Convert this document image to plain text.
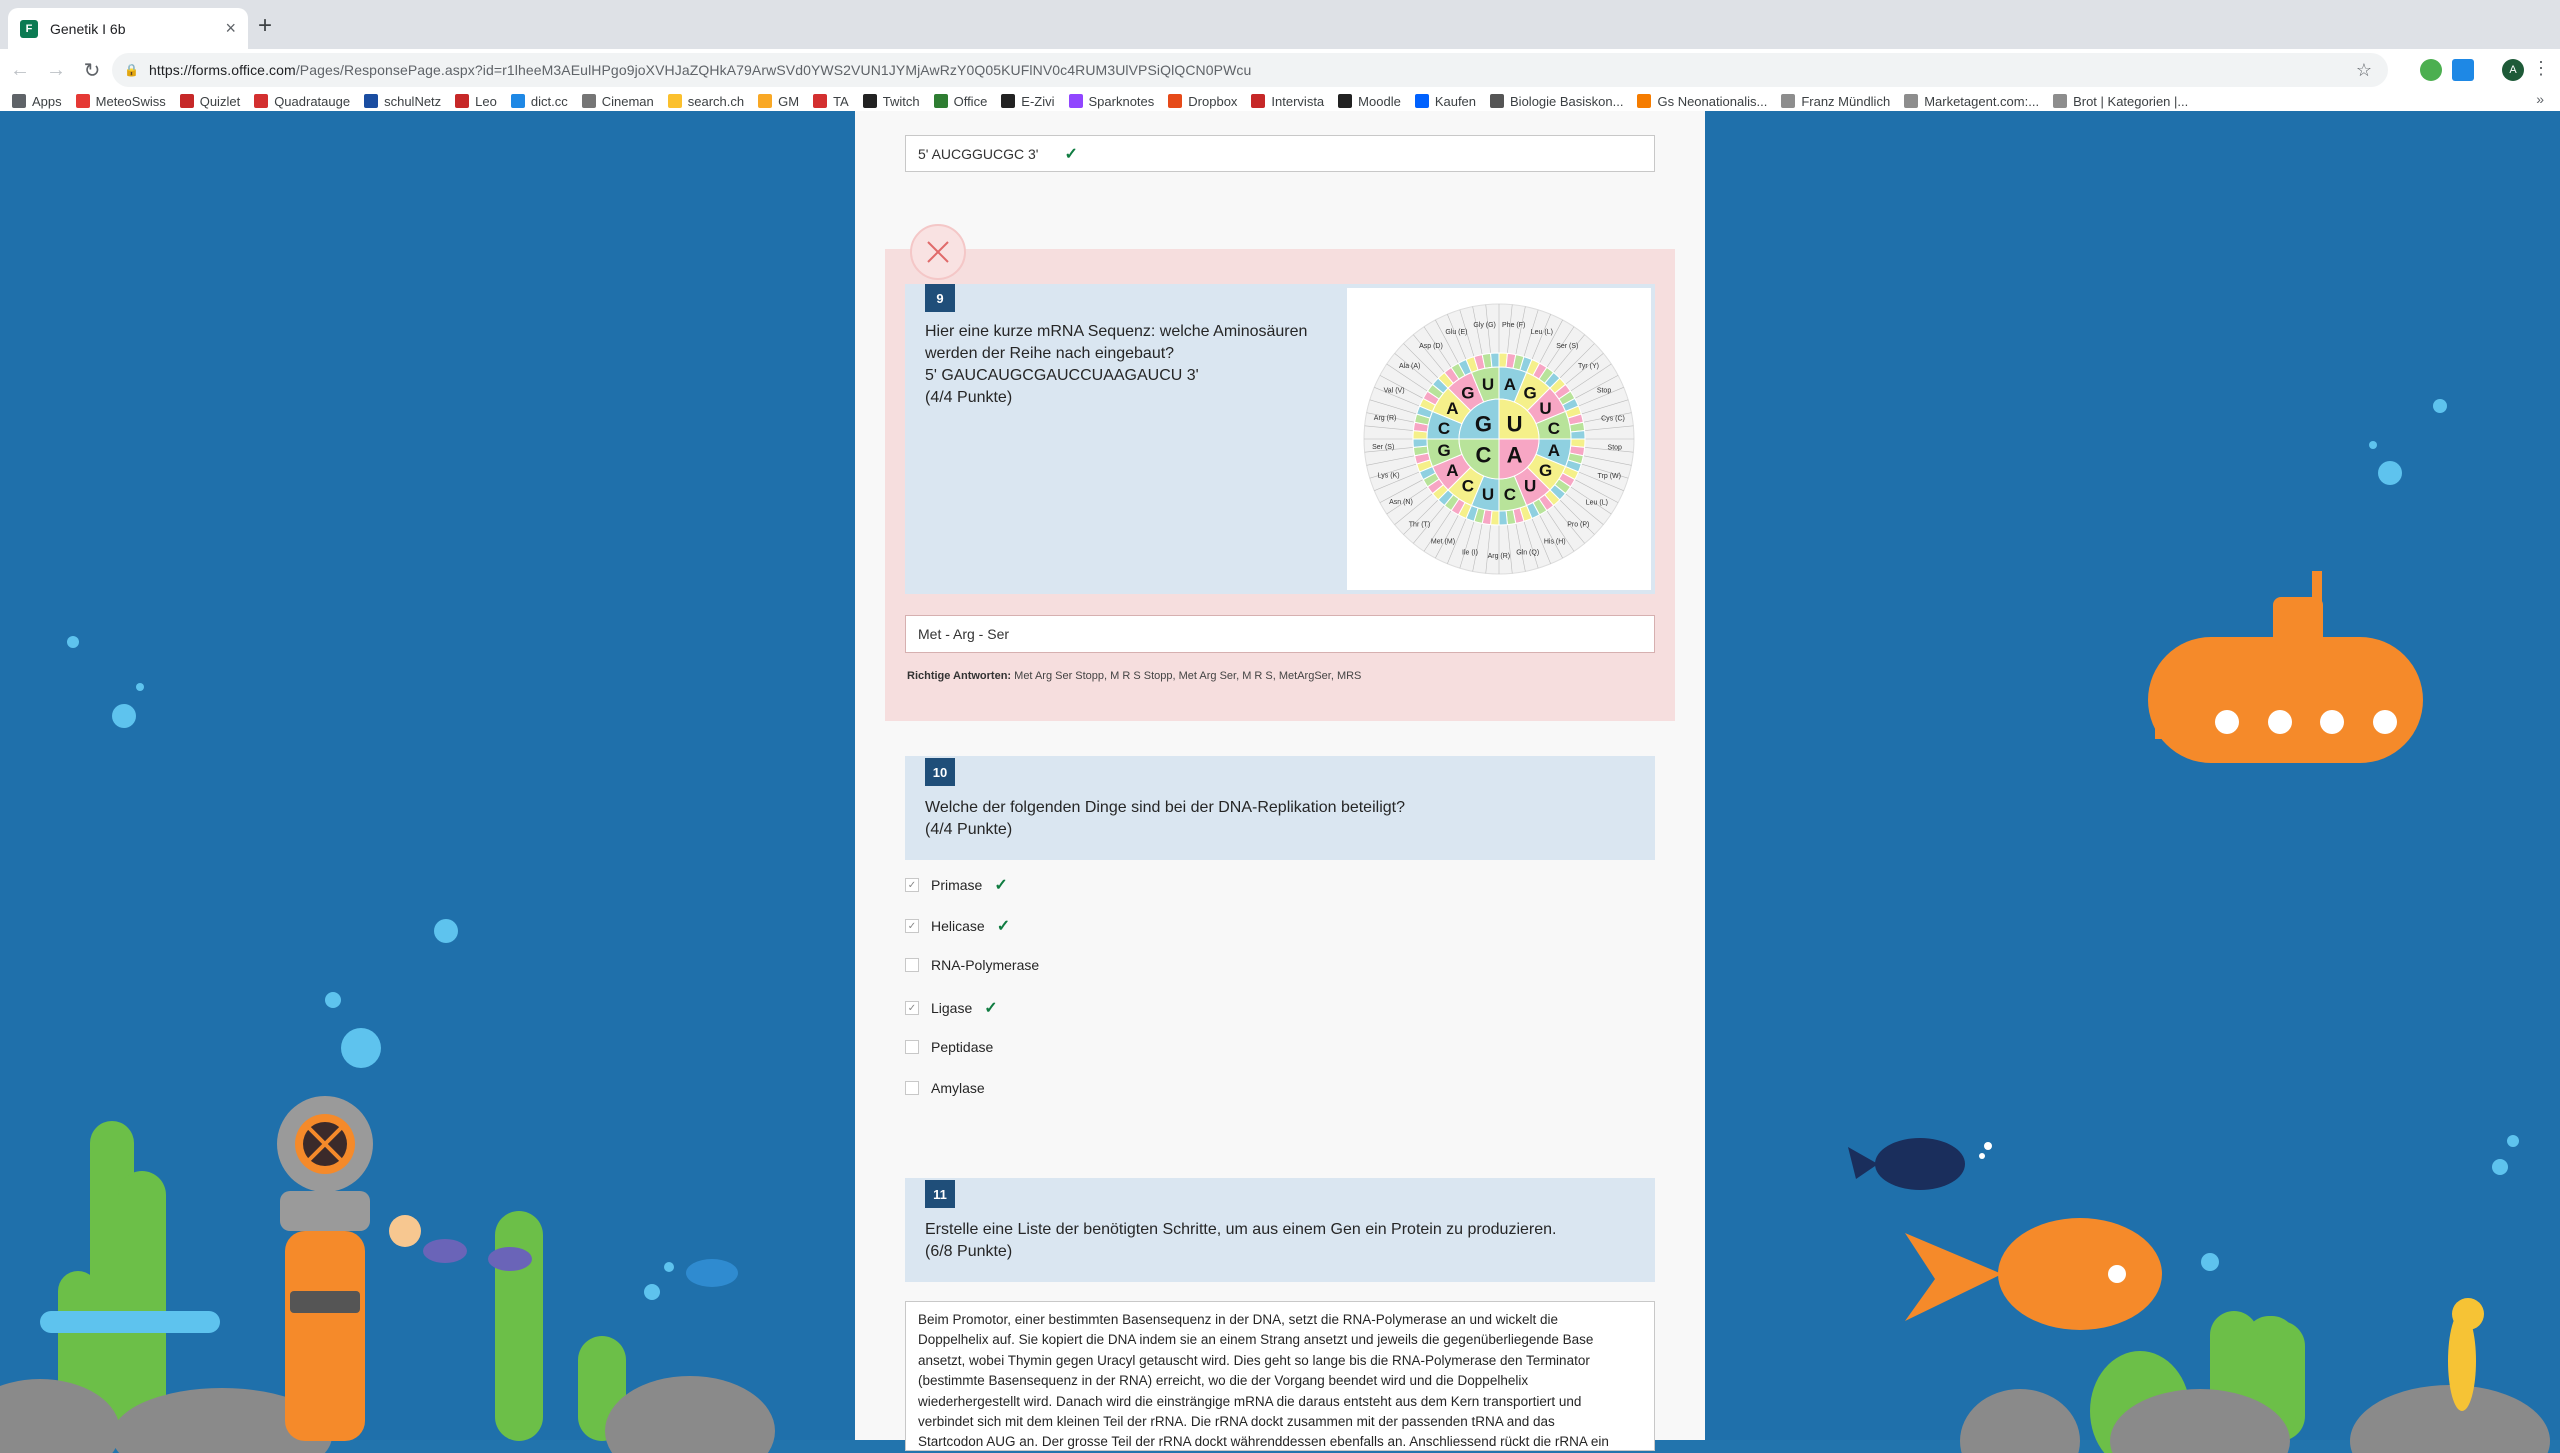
F	Genetik I 6b	× +
← → ↻	🔒 https://forms.office.com/Pages/ResponsePage.aspx?id=r1lheeM3AEulHPgo9joXVHJaZQHkA79ArwSVd0YWS2VUN1JYMjAwRzY0Q05KUFlNV0c4RUM3UlVPSiQlQCN0PWcu	☆	A ⋮
Apps	MeteoSwiss	Quizlet	Quadratauge	schulNetz	Leo	dict.cc	Cineman	search.ch	GM	TA	Twitch	Office	E-Zivi	Sparknotes	Dropbox	Intervista	Moodle	Kaufen	Biologie Basiskon...	Gs Neonationalis...	Franz Mündlich	Marketagent.com:...	Brot | Kategorien |...	»
5' AUCGGUCGC 3' ✓
9
Hier eine kurze mRNA Sequenz: welche Aminosäuren
werden der Reihe nach eingebaut?
5' GAUCAUGCGAUCCUAAGAUCU 3'
(4/4 Punkte)
A G
U
C
A
G
U
C
U
C
A
G
C
A
G U
G U
A
C
Gly (G) Phe (F)
Leu (L)
Ser (S)
Tyr (Y)
Stop
Cys (C)
Stop
Trp (W)
Leu (L)
Pro (P)
His (H)
Gln (Q)
Arg (R)
Ile (I)
Met (M)
Thr (T)
Asn (N)
Lys (K)
Ser (S)
Arg (R)
Val (V)
Ala (A)
Asp (D)
Glu (E)
Met - Arg - Ser
Richtige Antworten: Met Arg Ser Stopp, M R S Stopp, Met Arg Ser, M R S, MetArgSer, MRS
10
Welche der folgenden Dinge sind bei der DNA-Replikation beteiligt?
(4/4 Punkte)
✓ Primase ✓
✓ Helicase ✓
RNA-Polymerase
✓ Ligase ✓
Peptidase
Amylase
11
Erstelle eine Liste der benötigten Schritte, um aus einem Gen ein Protein zu produzieren.
(6/8 Punkte)
Beim Promotor, einer bestimmten Basensequenz in der DNA, setzt die RNA-Polymerase an und wickelt die
Doppelhelix auf. Sie kopiert die DNA indem sie an einem Strang ansetzt und jeweils die gegenüberliegende Base
ansetzt, wobei Thymin gegen Uracyl getauscht wird. Dies geht so lange bis die RNA-Polymerase den Terminator
(bestimmte Basensequenz in der RNA) erreicht, wo die der Vorgang beendet wird und die Doppelhelix
wiederhergestellt wird. Danach wird die einsträngige mRNA die daraus entsteht aus dem Kern transportiert und
verbindet sich mit dem kleinen Teil der rRNA. Die rRNA dockt zusammen mit der passenden tRNA and das
Startcodon AUG an. Der grosse Teil der rRNA dockt währenddessen ebenfalls an. Anschliessend rückt die rRNA ein
